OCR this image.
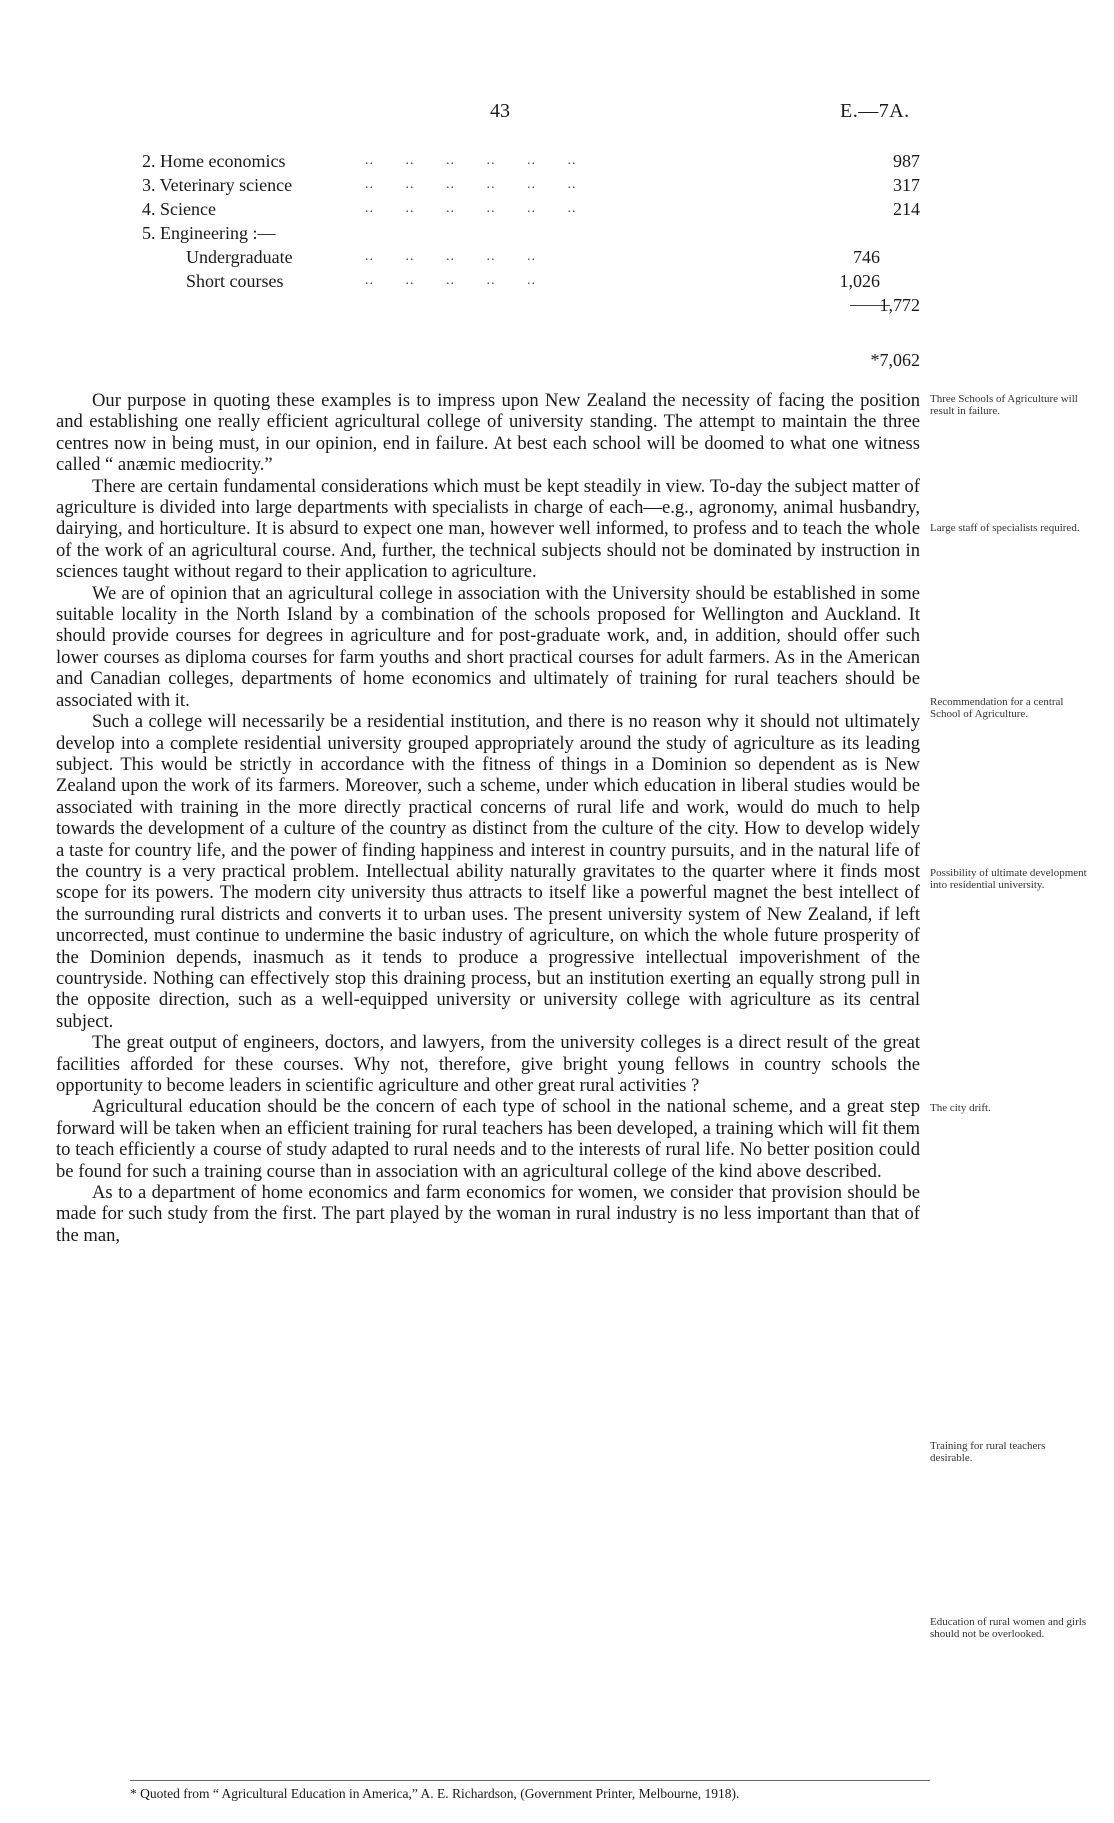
43	E.—7A.
2. Home economics	..       ..       ..       ..       ..       ..	987
3. Veterinary science	..       ..       ..       ..       ..       ..	317
4. Science	..       ..       ..       ..       ..       ..	214
5. Engineering :—
Undergraduate	..       ..       ..       ..       ..	746
Short courses	..       ..       ..       ..       ..	1,026
1,772
*7,062

Our purpose in quoting these examples is to impress upon New Zealand the necessity of facing the position and establishing one really efficient agricultural college of university standing. The attempt to maintain the three centres now in being must, in our opinion, end in failure. At best each school will be doomed to what one witness called “ anæmic mediocrity.”

There are certain fundamental considerations which must be kept steadily in view. To-day the subject matter of agriculture is divided into large departments with specialists in charge of each—e.g., agronomy, animal husbandry, dairying, and horticulture. It is absurd to expect one man, however well informed, to profess and to teach the whole of the work of an agricultural course. And, further, the technical subjects should not be dominated by instruction in sciences taught without regard to their application to agriculture.

We are of opinion that an agricultural college in association with the University should be established in some suitable locality in the North Island by a combination of the schools proposed for Wellington and Auckland. It should provide courses for degrees in agriculture and for post-graduate work, and, in addition, should offer such lower courses as diploma courses for farm youths and short practical courses for adult farmers. As in the American and Canadian colleges, departments of home economics and ultimately of training for rural teachers should be associated with it.

Such a college will necessarily be a residential institution, and there is no reason why it should not ultimately develop into a complete residential university grouped appropriately around the study of agriculture as its leading subject. This would be strictly in accordance with the fitness of things in a Dominion so dependent as is New Zealand upon the work of its farmers. Moreover, such a scheme, under which education in liberal studies would be associated with training in the more directly practical concerns of rural life and work, would do much to help towards the development of a culture of the country as distinct from the culture of the city. How to develop widely a taste for country life, and the power of finding happiness and interest in country pursuits, and in the natural life of the country is a very practical problem. Intellectual ability naturally gravitates to the quarter where it finds most scope for its powers. The modern city university thus attracts to itself like a powerful magnet the best intellect of the surrounding rural districts and converts it to urban uses. The present university system of New Zealand, if left uncorrected, must continue to undermine the basic industry of agriculture, on which the whole future prosperity of the Dominion depends, inasmuch as it tends to produce a progressive intellectual impoverishment of the countryside. Nothing can effectively stop this draining process, but an institution exerting an equally strong pull in the opposite direction, such as a well-equipped university or university college with agriculture as its central subject.

The great output of engineers, doctors, and lawyers, from the university colleges is a direct result of the great facilities afforded for these courses. Why not, therefore, give bright young fellows in country schools the opportunity to become leaders in scientific agriculture and other great rural activities ?

Agricultural education should be the concern of each type of school in the national scheme, and a great step forward will be taken when an efficient training for rural teachers has been developed, a training which will fit them to teach efficiently a course of study adapted to rural needs and to the interests of rural life. No better position could be found for such a training course than in association with an agricultural college of the kind above described.

As to a department of home economics and farm economics for women, we consider that provision should be made for such study from the first. The part played by the woman in rural industry is no less important than that of the man,

Three Schools of Agriculture will result in failure.
Large staff of specialists required.
Recommendation for a central School of Agriculture.
Possibility of ultimate development into residential university.
The city drift.
Training for rural teachers desirable.
Education of rural women and girls should not be overlooked.
* Quoted from “ Agricultural Education in America,” A. E. Richardson, (Government Printer, Melbourne, 1918).
